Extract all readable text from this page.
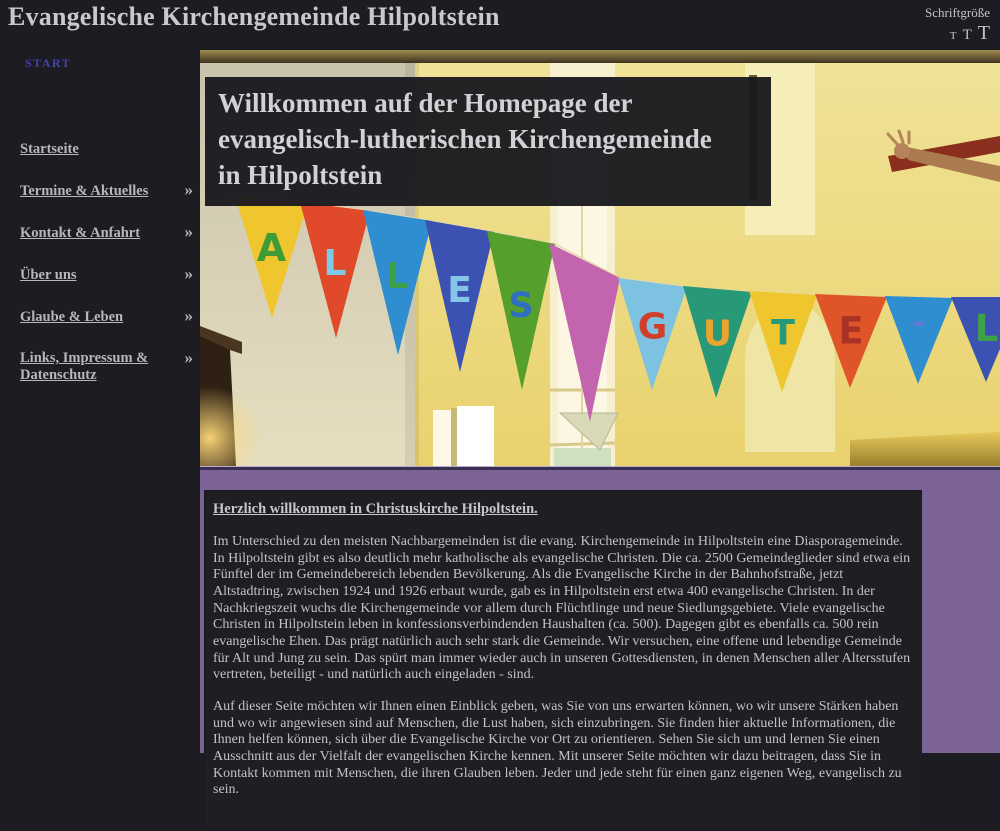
Evangelische Kirchengemeinde Hilpoltstein	Schriftgröße
T T T
START
Startseite
Termine & Aktuelles »
Kontakt & Anfahrt	»
Über uns	»
Glaube & Leben	»
Links, Impressum & Datenschutz
»
A L L E S
G U T E - L
Willkommen auf der Homepage der
evangelisch-lutherischen Kirchengemeinde
in Hilpoltstein
Herzlich willkommen in Christuskirche Hilpoltstein.

Im Unterschied zu den meisten Nachbargemeinden ist die evang. Kirchengemeinde in Hilpoltstein eine Diasporagemeinde. In Hilpoltstein gibt es also deutlich mehr katholische als evangelische Christen. Die ca. 2500 Gemeindeglieder sind etwa ein Fünftel der im Gemeindebereich lebenden Bevölkerung. Als die Evangelische Kirche in der Bahnhofstraße, jetzt Altstadtring, zwischen 1924 und 1926 erbaut wurde, gab es in Hilpoltstein erst etwa 400 evangelische Christen. In der Nachkriegszeit wuchs die Kirchengemeinde vor allem durch Flüchtlinge und neue Siedlungsgebiete. Viele evangelische Christen in Hilpoltstein leben in konfessionsverbindenden Haushalten (ca. 500). Dagegen gibt es ebenfalls ca. 500 rein evangelische Ehen. Das prägt natürlich auch sehr stark die Gemeinde. Wir versuchen, eine offene und lebendige Gemeinde für Alt und Jung zu sein. Das spürt man immer wieder auch in unseren Gottesdiensten, in denen Menschen aller Altersstufen vertreten, beteiligt - und natürlich auch eingeladen - sind.

Auf dieser Seite möchten wir Ihnen einen Einblick geben, was Sie von uns erwarten können, wo wir unsere Stärken haben und wo wir angewiesen sind auf Menschen, die Lust haben, sich einzubringen. Sie finden hier aktuelle Informationen, die Ihnen helfen können, sich über die Evangelische Kirche vor Ort zu orientieren. Sehen Sie sich um und lernen Sie einen Ausschnitt aus der Vielfalt der evangelischen Kirche kennen. Mit unserer Seite möchten wir dazu beitragen, dass Sie in Kontakt kommen mit Menschen, die ihren Glauben leben. Jeder und jede steht für einen ganz eigenen Weg, evangelisch zu sein.
